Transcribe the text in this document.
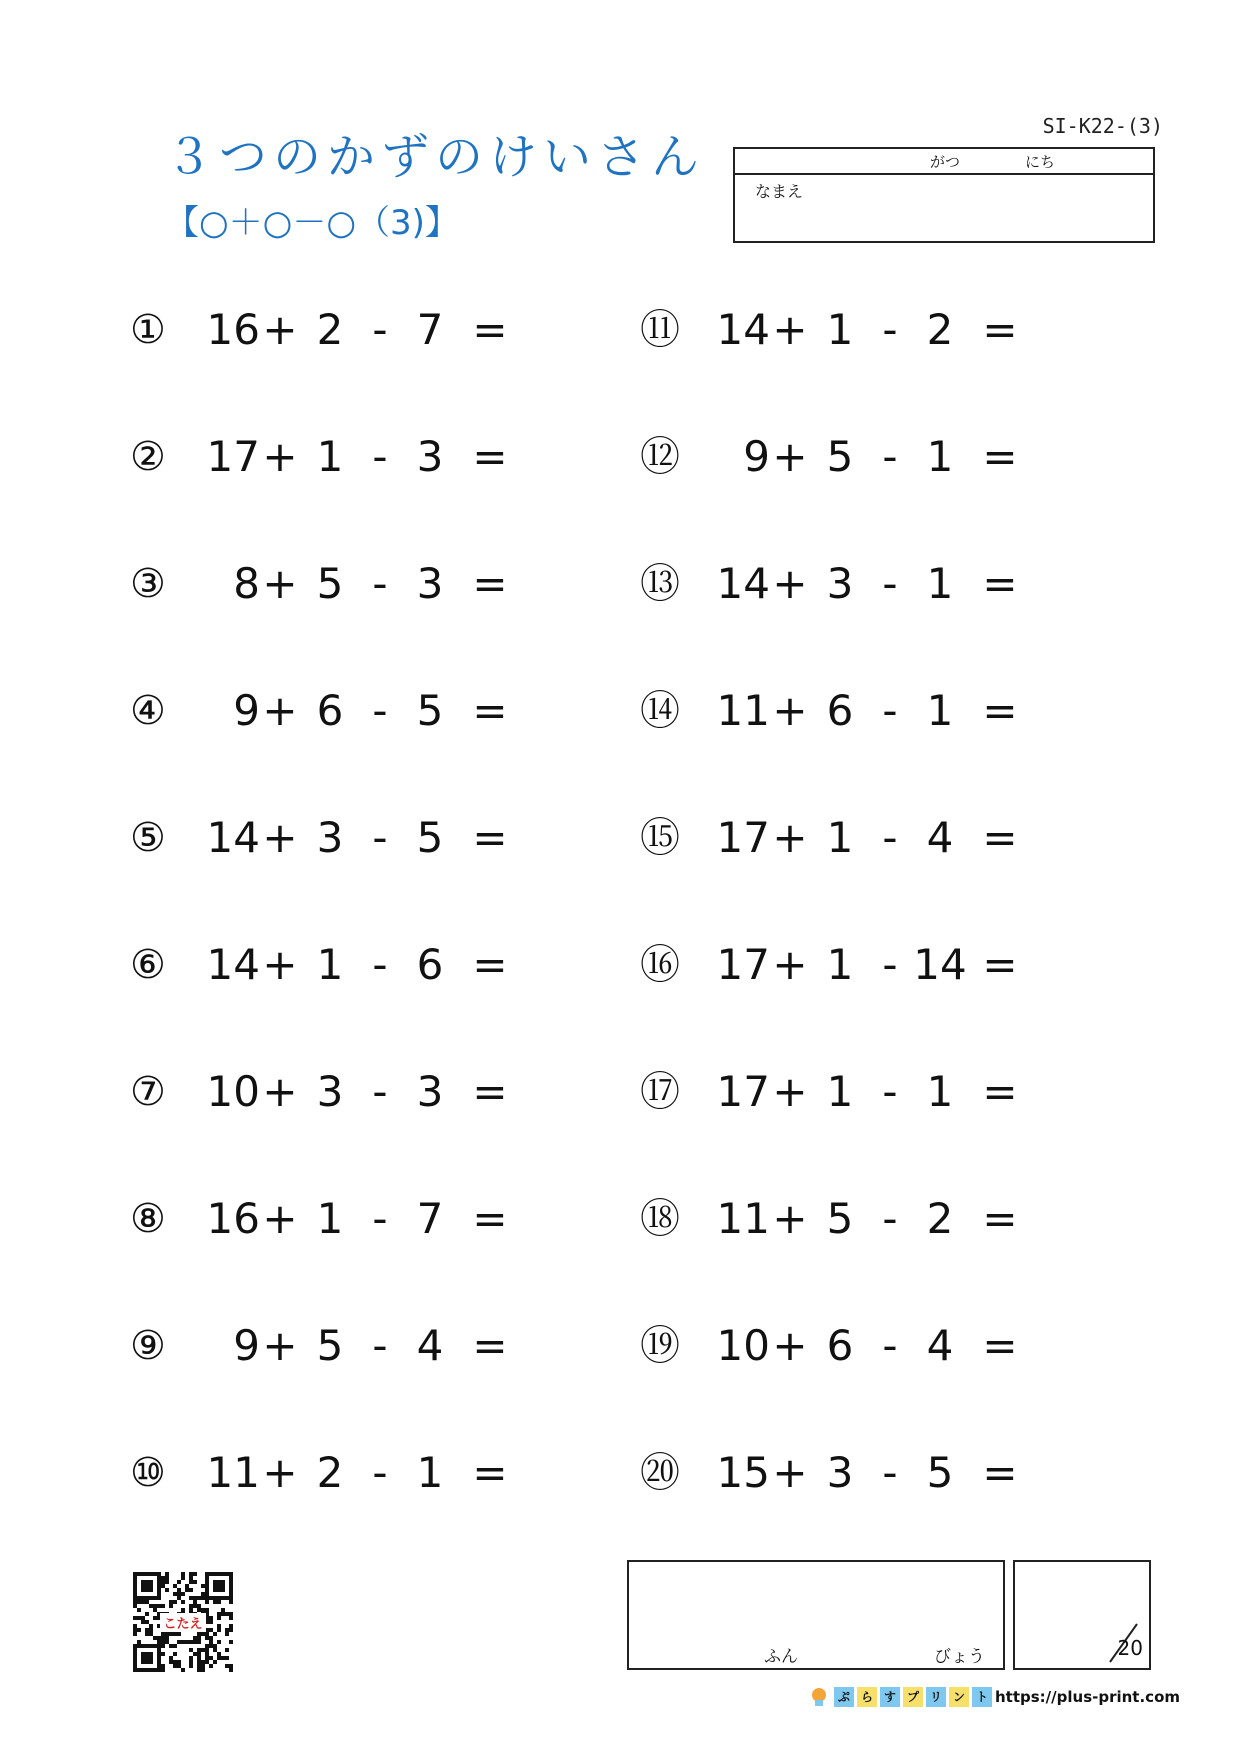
３つのかずのけいさん
【○＋○－○（3)】
SI-K22-(3)
がつ	にち
なまえ
① 16 + 2 - 7 =
② 17 + 1 - 3 =
③	8 + 5 - 3 =
④	9 + 6 - 5 =
⑤ 14 + 3 - 5 =
⑥ 14 + 1 - 6 =
⑦ 10 + 3 - 3 =
⑧ 16 + 1 - 7 =
⑨	9 + 5 - 4 =
⑩ 11 + 2 - 1 =
⑪ 14 + 1 - 2 =
⑫	9 + 5 - 1 =
⑬ 14 + 3 - 1 =
⑭ 11 + 6 - 1 =
⑮ 17 + 1 - 4 =
⑯ 17 + 1 - 14 =
⑰ 17 + 1 - 1 =
⑱ 11 + 5 - 2 =
⑲ 10 + 6 - 4 =
⑳ 15 + 3 - 5 =
こたえ
ふん	びょう	20
ぷ ら す プ リ ン ト https://plus-print.com
